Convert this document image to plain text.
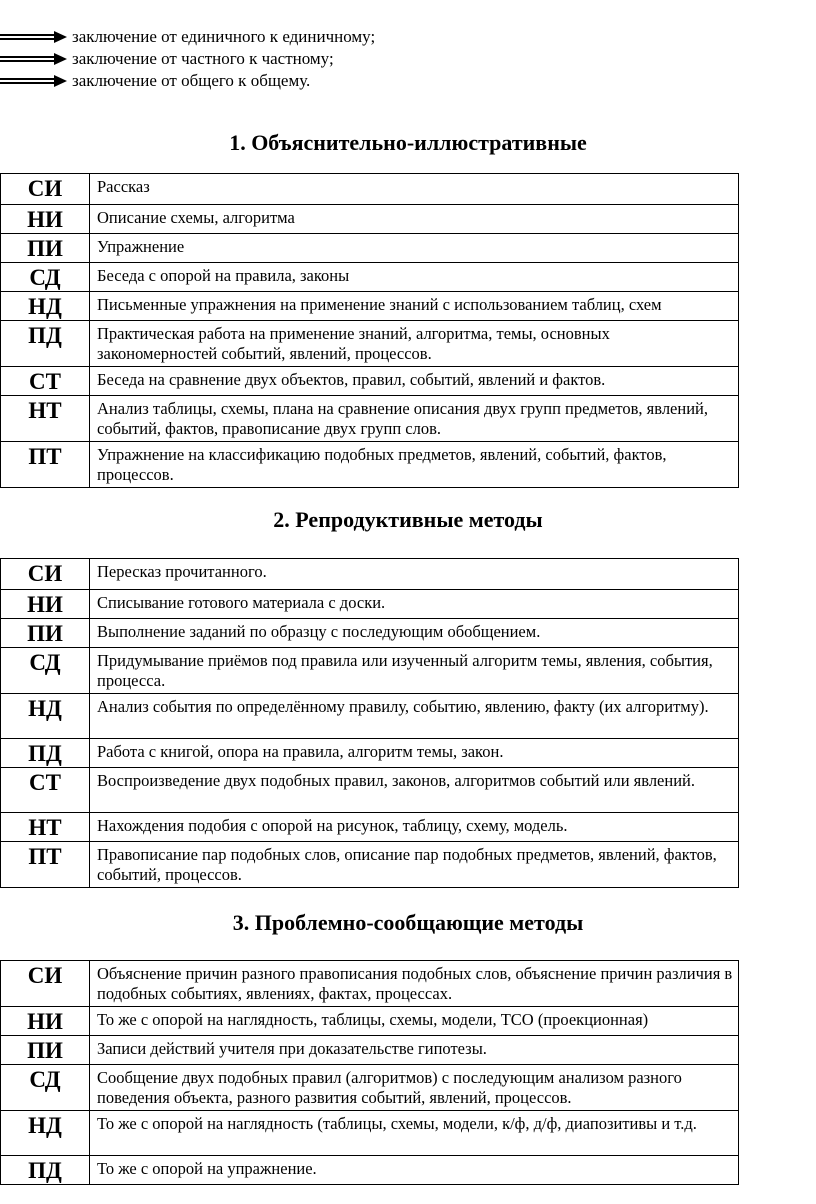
заключение от единичного к единичному;
заключение от частного к частному;
заключение от общего к общему.
1. Объяснительно-иллюстративные
СИ	Рассказ
НИ	Описание схемы, алгоритма
ПИ	Упражнение
СД	Беседа с опорой на правила, законы
НД	Письменные упражнения на применение знаний с использованием таблиц, схем
ПД	Практическая работа на применение знаний, алгоритма, темы, основных закономерностей событий, явлений, процессов.
СТ	Беседа на сравнение двух объектов, правил, событий, явлений и фактов.
НТ	Анализ таблицы, схемы, плана на сравнение описания двух групп предметов, явлений, событий, фактов, правописание двух групп слов.
ПТ	Упражнение на классификацию подобных предметов, явлений, событий, фактов, процессов.
2. Репродуктивные методы
СИ	Пересказ прочитанного.
НИ	Списывание готового материала с доски.
ПИ	Выполнение заданий по образцу с последующим обобщением.
СД	Придумывание приёмов под правила или изученный алгоритм темы, явления, события, процесса.
НД	Анализ события по определённому правилу, событию, явлению, факту (их алгоритму).
ПД	Работа с книгой, опора на правила, алгоритм темы, закон.
СТ	Воспроизведение двух подобных правил, законов, алгоритмов событий или явлений.
НТ	Нахождения подобия с опорой на рисунок, таблицу, схему, модель.
ПТ	Правописание пар подобных слов, описание пар подобных предметов, явлений, фактов, событий, процессов.
3. Проблемно-сообщающие методы
СИ	Объяснение причин разного правописания подобных слов, объяснение причин различия в подобных событиях, явлениях, фактах, процессах.
НИ	То же с опорой на наглядность, таблицы, схемы, модели, ТСО (проекционная)
ПИ	Записи действий учителя при доказательстве гипотезы.
СД	Сообщение двух подобных правил (алгоритмов) с последующим анализом разного поведения объекта, разного развития событий, явлений, процессов.
НД	То же с опорой на наглядность (таблицы, схемы, модели, к/ф, д/ф, диапозитивы и т.д.
ПД	То же с опорой на упражнение.
